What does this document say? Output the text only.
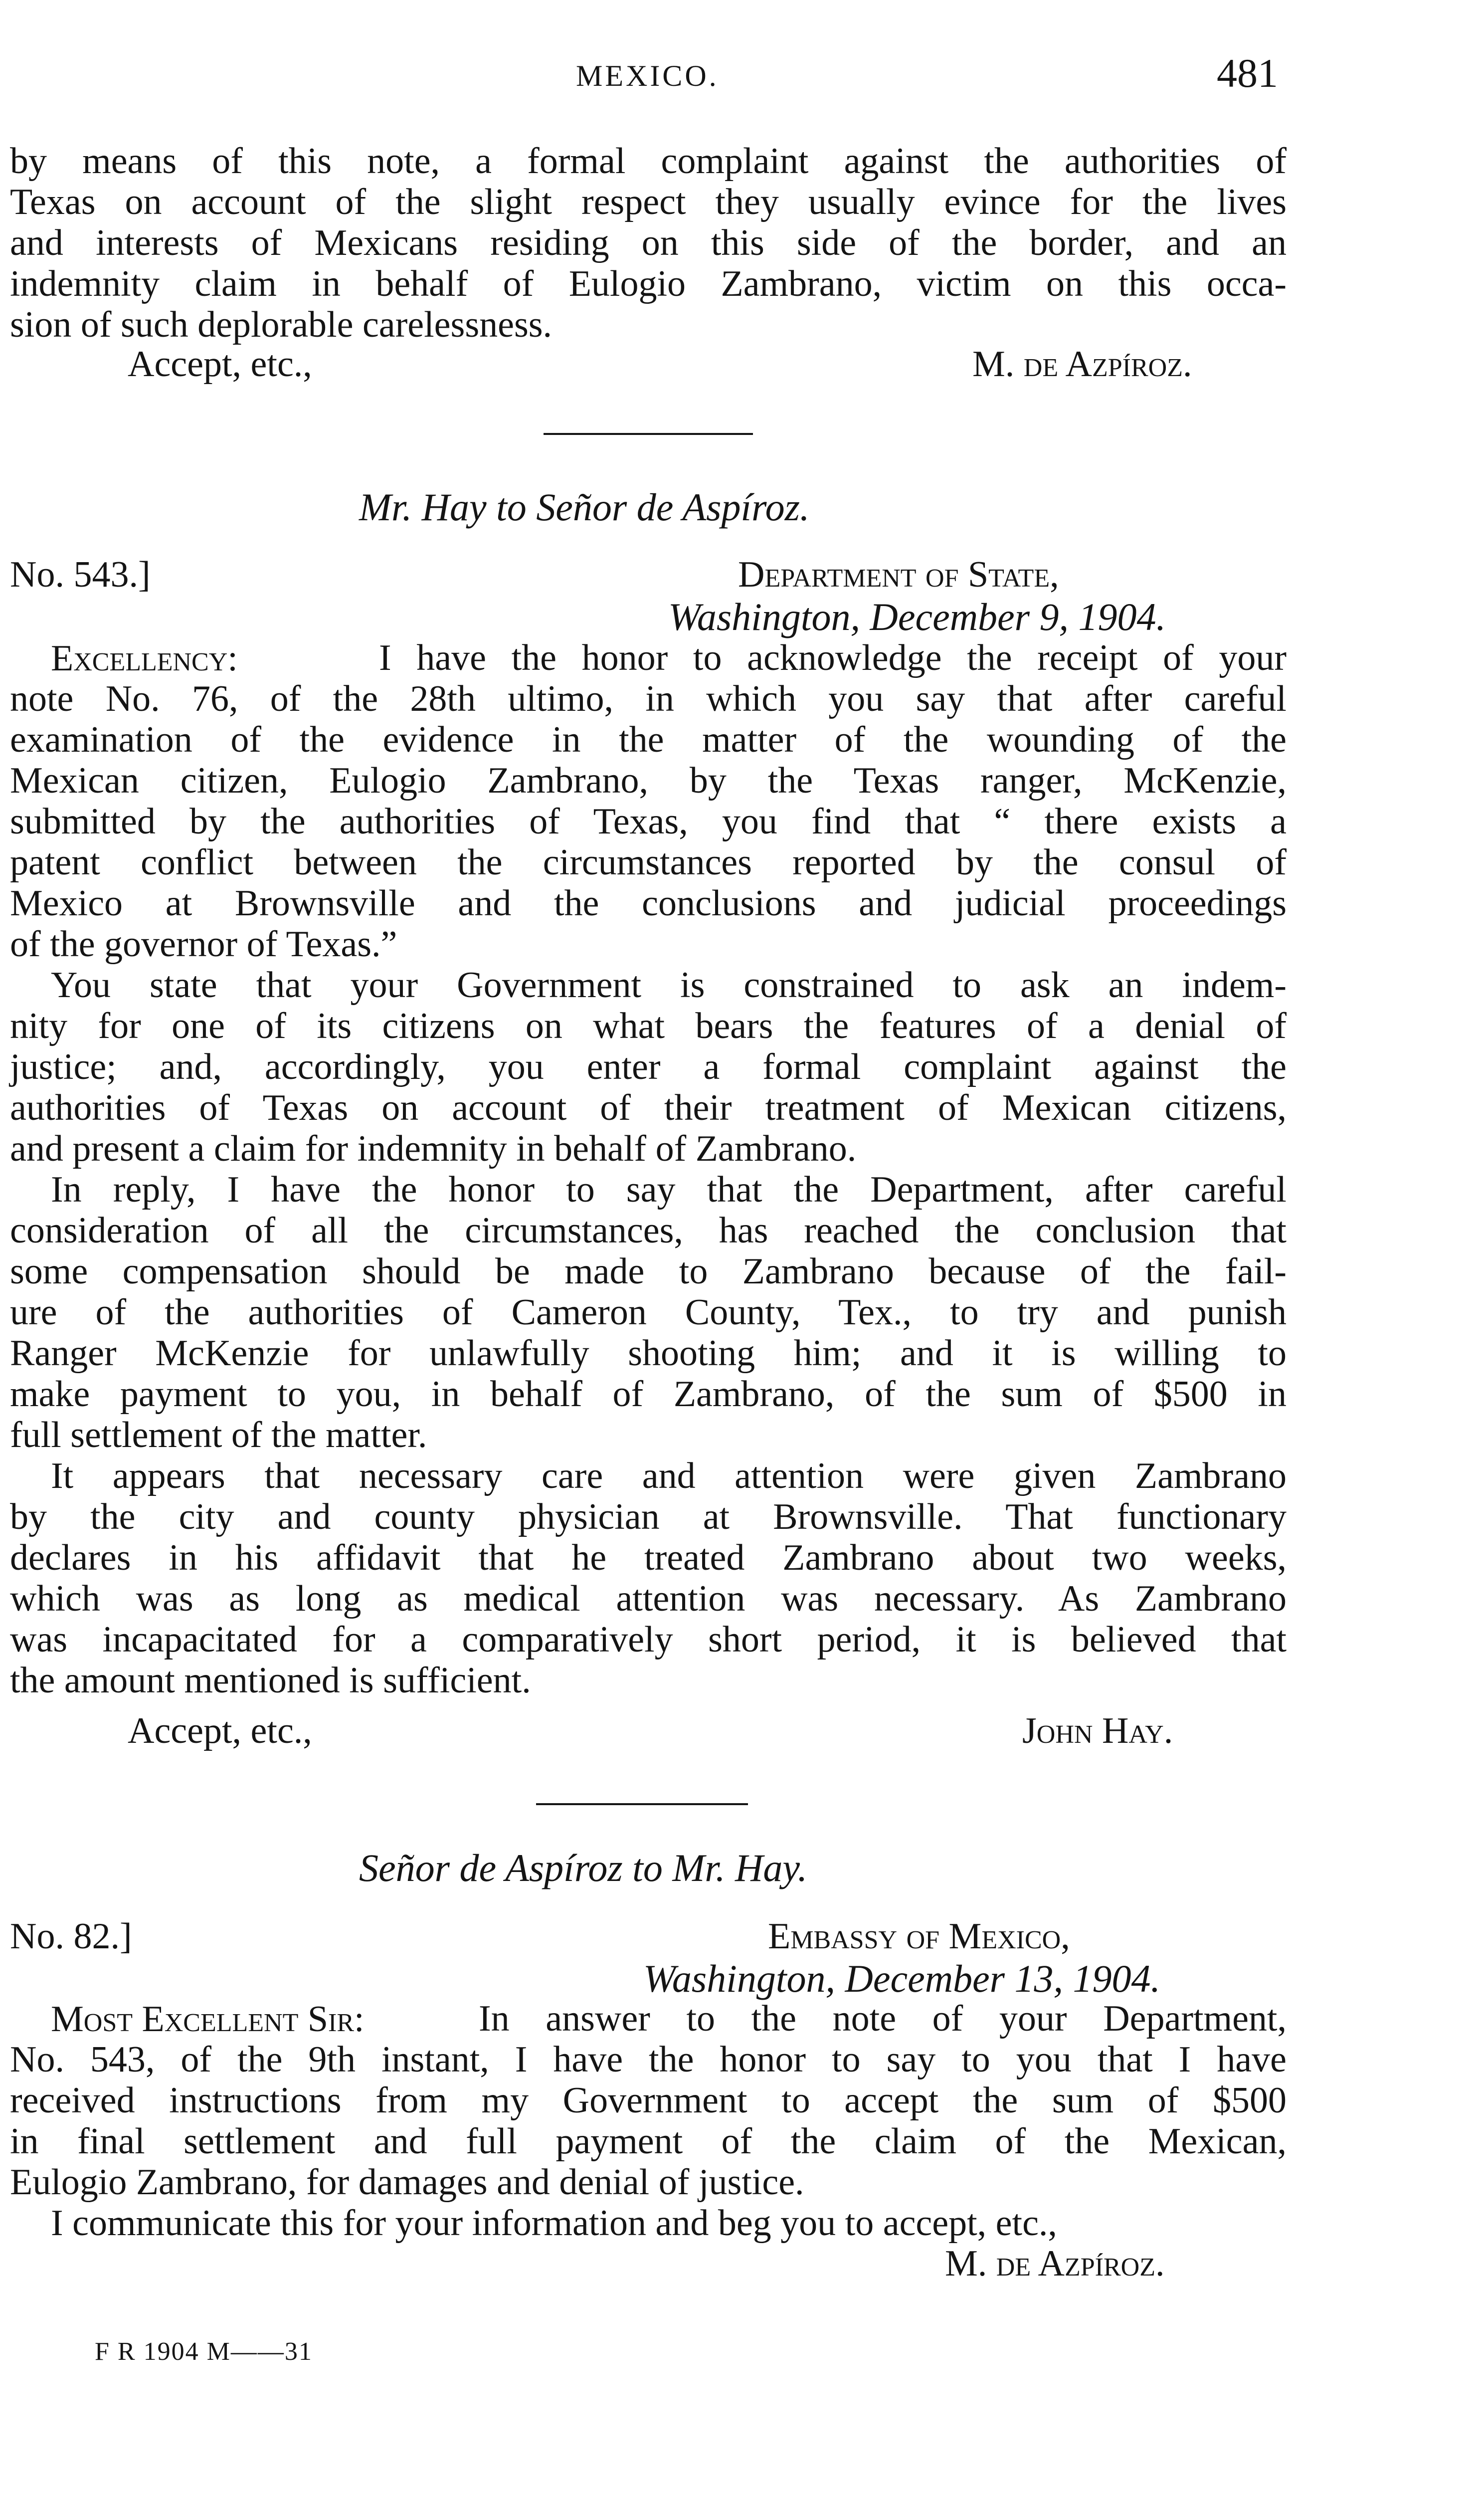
MEXICO.	481
by means of this note, a formal complaint against the authorities of
Texas on account of the slight respect they usually evince for the lives
and interests of Mexicans residing on this side of the border, and an
indemnity claim in behalf of Eulogio Zambrano, victim on this occa-
sion of such deplorable carelessness.
Accept, etc.,	M. de Azpíroz.
Mr. Hay to Señor de Aspíroz.
No. 543.]	Department of State,
Washington, December 9, 1904.
Excellency:	I have the honor to acknowledge the receipt of your
note No. 76, of the 28th ultimo, in which you say that after careful
examination of the evidence in the matter of the wounding of the
Mexican citizen, Eulogio Zambrano, by the Texas ranger, McKenzie,
submitted by the authorities of Texas, you find that “ there exists a
patent conflict between the circumstances reported by the consul of
Mexico at Brownsville and the conclusions and judicial proceedings
of the governor of Texas.”
You state that your Government is constrained to ask an indem-
nity for one of its citizens on what bears the features of a denial of
justice; and, accordingly, you enter a formal complaint against the
authorities of Texas on account of their treatment of Mexican citizens,
and present a claim for indemnity in behalf of Zambrano.
In reply, I have the honor to say that the Department, after careful
consideration of all the circumstances, has reached the conclusion that
some compensation should be made to Zambrano because of the fail-
ure of the authorities of Cameron County, Tex., to try and punish
Ranger McKenzie for unlawfully shooting him; and it is willing to
make payment to you, in behalf of Zambrano, of the sum of $500 in
full settlement of the matter.
It appears that necessary care and attention were given Zambrano
by the city and county physician at Brownsville. That functionary
declares in his affidavit that he treated Zambrano about two weeks,
which was as long as medical attention was necessary. As Zambrano
was incapacitated for a comparatively short period, it is believed that
the amount mentioned is sufficient.
Accept, etc.,	John Hay.
Señor de Aspíroz to Mr. Hay.
No. 82.]	Embassy of Mexico,
Washington, December 13, 1904.
Most Excellent Sir:	In answer to the note of your Department,
No. 543, of the 9th instant, I have the honor to say to you that I have
received instructions from my Government to accept the sum of $500
in final settlement and full payment of the claim of the Mexican,
Eulogio Zambrano, for damages and denial of justice.
I communicate this for your information and beg you to accept, etc.,
M. de Azpíroz.
F R 1904 M——31
